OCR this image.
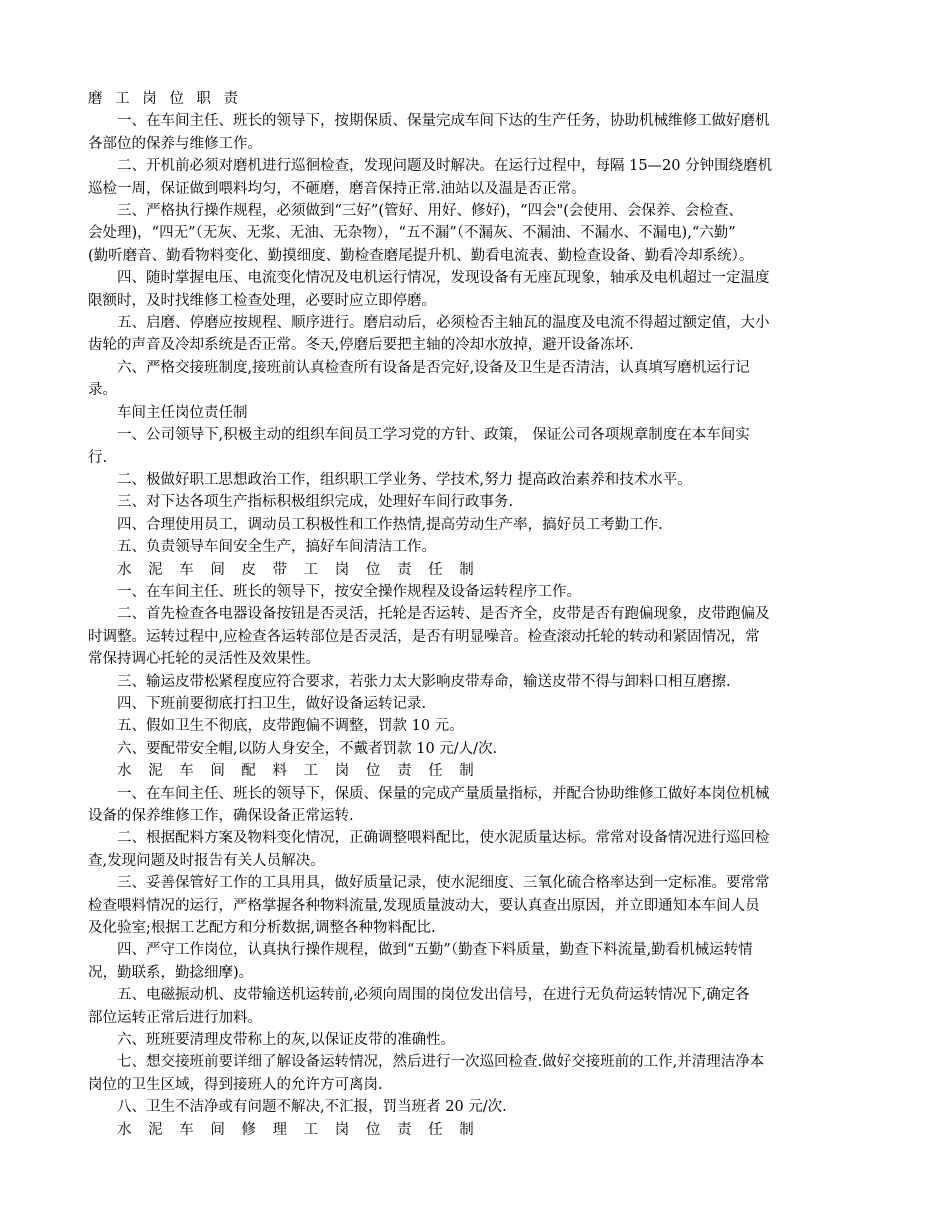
磨 工 岗 位 职 责

一、在车间主任、班长的领导下，按期保质、保量完成车间下达的生产任务，协助机械维修工做好磨机

各部位的保养与维修工作。

二、开机前必须对磨机进行巡徊检查，发现问题及时解决。在运行过程中，每隔 15—20 分钟围绕磨机

巡检一周，保证做到喂料均匀，不砸磨，磨音保持正常.油站以及温是否正常。

三、严格执行操作规程，必须做到“三好”(管好、用好、修好)，“四会"(会使用、会保养、会检查、

会处理)，“四无”（无灰、无浆、无油、无杂物），“五不漏”（不漏灰、不漏油、不漏水、不漏电),“六勤”

(勤听磨音、勤看物料变化、勤摸细度、勤检查磨尾提升机、勤看电流表、勤检查设备、勤看冷却系统）。

四、随时掌握电压、电流变化情况及电机运行情况，发现设备有无座瓦现象，轴承及电机超过一定温度

限额时，及时找维修工检查处理，必要时应立即停磨。

五、启磨、停磨应按规程、顺序进行。磨启动后，必须检否主轴瓦的温度及电流不得超过额定值，大小

齿轮的声音及冷却系统是否正常。冬天,停磨后要把主轴的冷却水放掉，避开设备冻坏.

六、严格交接班制度,接班前认真检查所有设备是否完好,设备及卫生是否清洁，认真填写磨机运行记

录。

车间主任岗位责任制

一、公司领导下,积极主动的组织车间员工学习党的方针、政策， 保证公司各项规章制度在本车间实

行.

二、极做好职工思想政治工作，组织职工学业务、学技术,努力 提高政治素养和技术水平。

三、对下达各项生产指标积极组织完成，处理好车间行政事务.

四、合理使用员工，调动员工积极性和工作热情,提高劳动生产率，搞好员工考勤工作.

五、负责领导车间安全生产，搞好车间清洁工作。

水 泥 车 间 皮 带 工 岗 位 责 任 制

一、在车间主任、班长的领导下，按安全操作规程及设备运转程序工作。

二、首先检查各电器设备按钮是否灵活，托轮是否运转、是否齐全，皮带是否有跑偏现象，皮带跑偏及

时调整。运转过程中,应检查各运转部位是否灵活，是否有明显噪音。检查滚动托轮的转动和紧固情况，常

常保持调心托轮的灵活性及效果性。

三、输运皮带松紧程度应符合要求，若张力太大影响皮带寿命，输送皮带不得与卸料口相互磨擦.

四、下班前要彻底打扫卫生，做好设备运转记录.

五、假如卫生不彻底，皮带跑偏不调整，罚款 10 元。

六、要配带安全帽,以防人身安全，不戴者罚款 10 元/人/次.

水 泥 车 间 配 料 工 岗 位 责 任 制

一、在车间主任、班长的领导下，保质、保量的完成产量质量指标，并配合协助维修工做好本岗位机械

设备的保养维修工作，确保设备正常运转.

二、根据配料方案及物料变化情况，正确调整喂料配比，使水泥质量达标。常常对设备情况进行巡回检

查,发现问题及时报告有关人员解决。

三、妥善保管好工作的工具用具，做好质量记录，使水泥细度、三氧化硫合格率达到一定标准。要常常

检查喂料情况的运行，严格掌握各种物料流量,发现质量波动大，要认真查出原因，并立即通知本车间人员

及化验室;根据工艺配方和分析数据,调整各种物料配比.

四、严守工作岗位，认真执行操作规程，做到“五勤”（勤查下料质量，勤查下料流量,勤看机械运转情

况，勤联系，勤捻细摩)。

五、电磁振动机、皮带输送机运转前,必须向周围的岗位发出信号，在进行无负荷运转情况下,确定各

部位运转正常后进行加料。

六、班班要清理皮带称上的灰,以保证皮带的准确性。

七、想交接班前要详细了解设备运转情况，然后进行一次巡回检查.做好交接班前的工作,并清理洁净本

岗位的卫生区域，得到接班人的允许方可离岗.

八、卫生不洁净或有问题不解决,不汇报，罚当班者 20 元/次.

水 泥 车 间 修 理 工 岗 位 责 任 制
